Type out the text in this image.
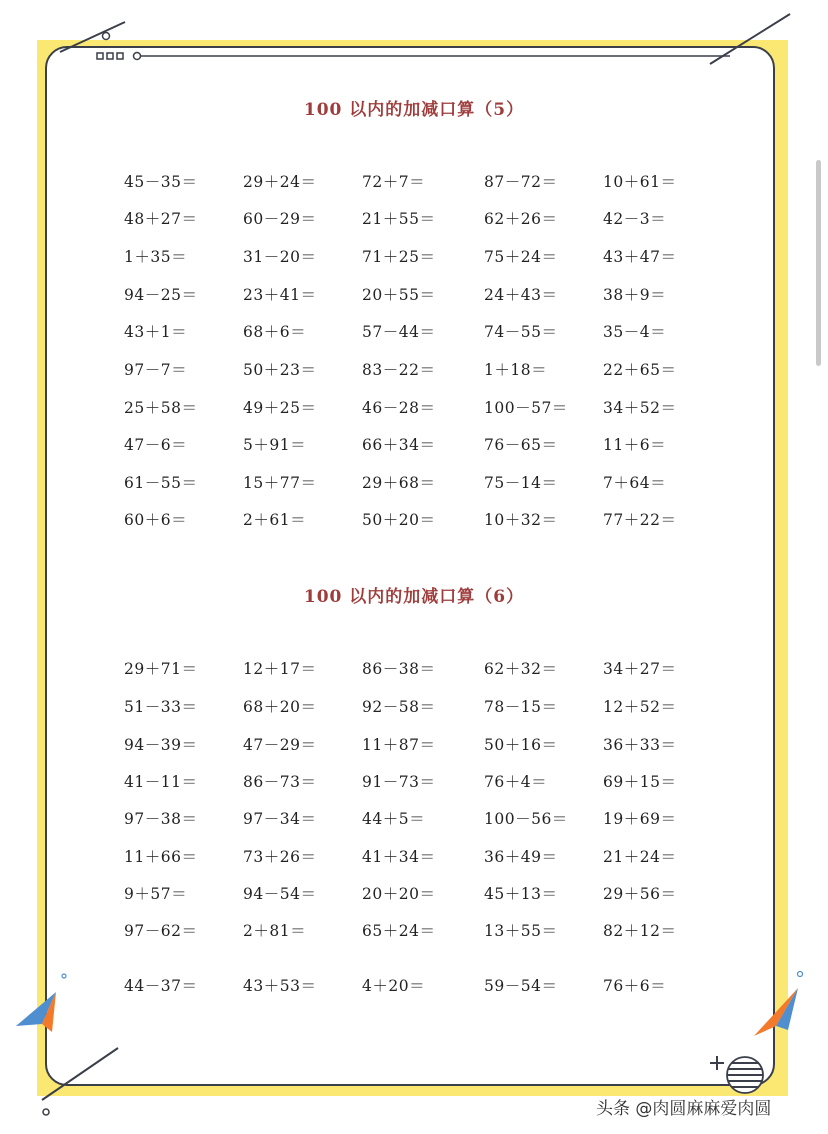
100 以内的加减口算（5）
45－35＝	29＋24＝	72＋7＝	87－72＝	10＋61＝
48＋27＝	60－29＝	21＋55＝	62＋26＝	42－3＝
1＋35＝	31－20＝	71＋25＝	75＋24＝	43＋47＝
94－25＝	23＋41＝	20＋55＝	24＋43＝	38＋9＝
43＋1＝	68＋6＝	57－44＝	74－55＝	35－4＝
97－7＝	50＋23＝	83－22＝	1＋18＝	22＋65＝
25＋58＝	49＋25＝	46－28＝	100－57＝ 34＋52＝
47－6＝	5＋91＝	66＋34＝	76－65＝	11＋6＝
61－55＝	15＋77＝	29＋68＝	75－14＝	7＋64＝
60＋6＝	2＋61＝	50＋20＝	10＋32＝	77＋22＝
100 以内的加减口算（6）
29＋71＝	12＋17＝	86－38＝	62＋32＝	34＋27＝
51－33＝	68＋20＝	92－58＝	78－15＝	12＋52＝
94－39＝	47－29＝	11＋87＝	50＋16＝	36＋33＝
41－11＝	86－73＝	91－73＝	76＋4＝	69＋15＝
97－38＝	97－34＝	44＋5＝	100－56＝ 19＋69＝
11＋66＝	73＋26＝	41＋34＝	36＋49＝	21＋24＝
9＋57＝	94－54＝	20＋20＝	45＋13＝	29＋56＝
97－62＝	2＋81＝	65＋24＝	13＋55＝	82＋12＝
44－37＝	43＋53＝	4＋20＝	59－54＝	76＋6＝
头条 @肉圆麻麻爱肉圆
